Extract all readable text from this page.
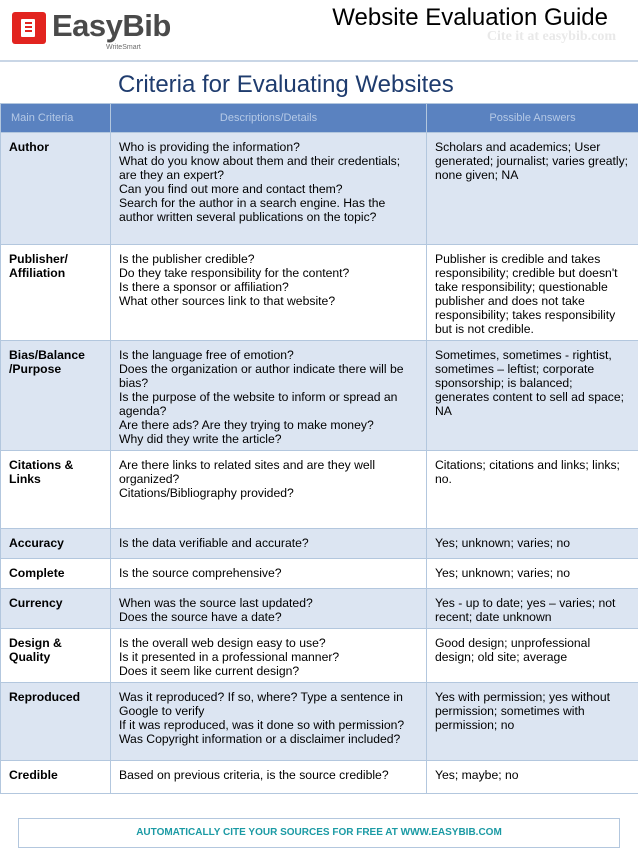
EasyBib
WriteSmart
Website Evaluation Guide
Cite it at easybib.com
Criteria for Evaluating Websites
Main Criteria	Descriptions/Details	Possible Answers
Author	Who is providing the information?
What do you know about them and their credentials; are they an expert?
Can you find out more and contact them?
Search for the author in a search engine. Has the author written several publications on the topic?	Scholars and academics; User generated; journalist; varies greatly; none given; NA
Publisher/ Affiliation	Is the publisher credible?
Do they take responsibility for the content?
Is there a sponsor or affiliation?
What other sources link to that website?	Publisher is credible and takes responsibility; credible but doesn't take responsibility; questionable publisher and does not take responsibility; takes responsibility but is not credible.
Bias/Balance /Purpose	Is the language free of emotion?
Does the organization or author indicate there will be bias?
Is the purpose of the website to inform or spread an agenda?
Are there ads? Are they trying to make money?
Why did they write the article?	Sometimes, sometimes - rightist, sometimes – leftist; corporate sponsorship; is balanced; generates content to sell ad space; NA
Citations & Links	Are there links to related sites and are they well organized?
Citations/Bibliography provided?	Citations; citations and links; links; no.
Accuracy	Is the data verifiable and accurate?	Yes; unknown; varies; no
Complete	Is the source comprehensive?	Yes; unknown; varies; no
Currency	When was the source last updated?
Does the source have a date?	Yes - up to date; yes – varies; not recent; date unknown
Design & Quality	Is the overall web design easy to use?
Is it presented in a professional manner?
Does it seem like current design?	Good design; unprofessional design; old site; average
Reproduced	Was it reproduced? If so, where? Type a sentence in Google to verify
If it was reproduced, was it done so with permission? Was Copyright information or a disclaimer included?	Yes with permission; yes without permission; sometimes with permission; no
Credible	Based on previous criteria, is the source credible?	Yes; maybe; no
AUTOMATICALLY CITE YOUR SOURCES FOR FREE AT WWW.EASYBIB.COM
